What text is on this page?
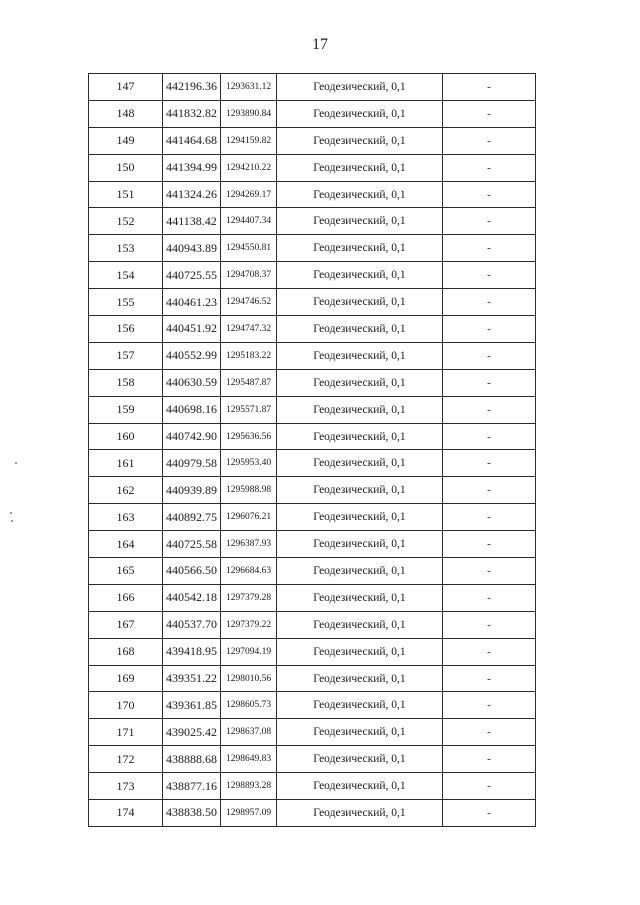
17
147	442196.36	1293631.12	Геодезический, 0,1	-
148	441832.82	1293890.84	Геодезический, 0,1	-
149	441464.68	1294159.82	Геодезический, 0,1	-
150	441394.99	1294210.22	Геодезический, 0,1	-
151	441324.26	1294269.17	Геодезический, 0,1	-
152	441138.42	1294407.34	Геодезический, 0,1	-
153	440943.89	1294550.81	Геодезический, 0,1	-
154	440725.55	1294708.37	Геодезический, 0,1	-
155	440461.23	1294746.52	Геодезический, 0,1	-
156	440451.92	1294747.32	Геодезический, 0,1	-
157	440552.99	1295183.22	Геодезический, 0,1	-
158	440630.59	1295487.87	Геодезический, 0,1	-
159	440698.16	1295571.87	Геодезический, 0,1	-
160	440742.90	1295636.56	Геодезический, 0,1	-
161	440979.58	1295953.40	Геодезический, 0,1	-
162	440939.89	1295988.98	Геодезический, 0,1	-
163	440892.75	1296076.21	Геодезический, 0,1	-
164	440725.58	1296387.93	Геодезический, 0,1	-
165	440566.50	1296684.63	Геодезический, 0,1	-
166	440542.18	1297379.28	Геодезический, 0,1	-
167	440537.70	1297379.22	Геодезический, 0,1	-
168	439418.95	1297094.19	Геодезический, 0,1	-
169	439351.22	1298010.56	Геодезический, 0,1	-
170	439361.85	1298605.73	Геодезический, 0,1	-
171	439025.42	1298637.08	Геодезический, 0,1	-
172	438888.68	1298649.83	Геодезический, 0,1	-
173	438877.16	1298893.28	Геодезический, 0,1	-
174	438838.50	1298957.09	Геодезический, 0,1	-
